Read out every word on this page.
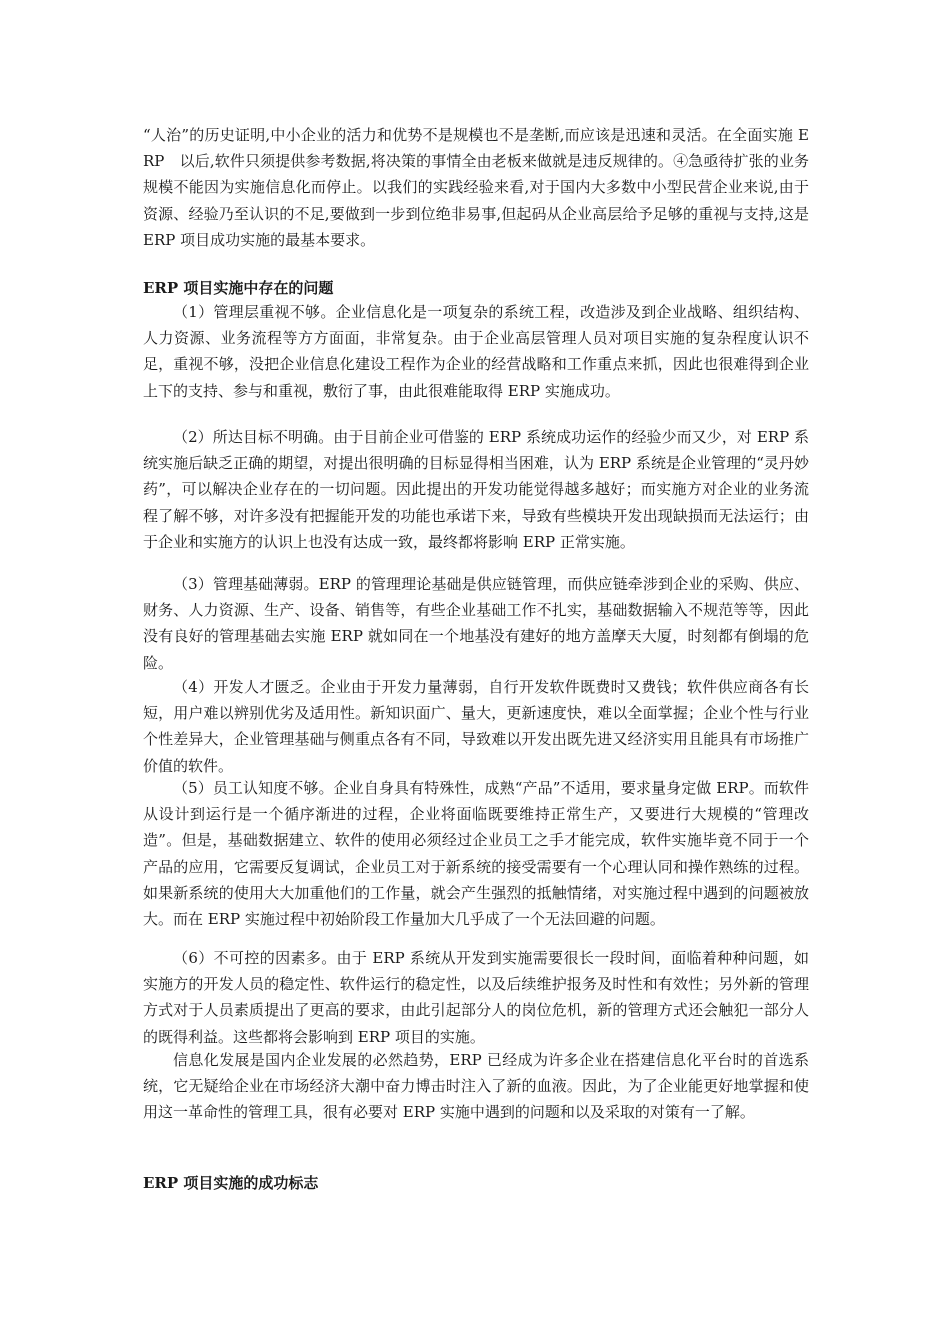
“人治”的历史证明,中小企业的活力和优势不是规模也不是垄断,而应该是迅速和灵活。在全面实施 ERP　以后,软件只须提供参考数据,将决策的事情全由老板来做就是违反规律的。④急亟待扩张的业务规模不能因为实施信息化而停止。以我们的实践经验来看,对于国内大多数中小型民营企业来说,由于资源、经验乃至认识的不足,要做到一步到位绝非易事,但起码从企业高层给予足够的重视与支持,这是 ERP 项目成功实施的最基本要求。

ERP 项目实施中存在的问题

（1）管理层重视不够。企业信息化是一项复杂的系统工程，改造涉及到企业战略、组织结构、人力资源、业务流程等方方面面，非常复杂。由于企业高层管理人员对项目实施的复杂程度认识不足，重视不够，没把企业信息化建设工程作为企业的经营战略和工作重点来抓，因此也很难得到企业上下的支持、参与和重视，敷衍了事，由此很难能取得 ERP 实施成功。

（2）所达目标不明确。由于目前企业可借鉴的 ERP 系统成功运作的经验少而又少，对 ERP 系统实施后缺乏正确的期望，对提出很明确的目标显得相当困难，认为 ERP 系统是企业管理的“灵丹妙药”，可以解决企业存在的一切问题。因此提出的开发功能觉得越多越好；而实施方对企业的业务流程了解不够，对许多没有把握能开发的功能也承诺下来，导致有些模块开发出现缺损而无法运行；由于企业和实施方的认识上也没有达成一致，最终都将影响 ERP 正常实施。

（3）管理基础薄弱。ERP 的管理理论基础是供应链管理，而供应链牵涉到企业的采购、供应、财务、人力资源、生产、设备、销售等，有些企业基础工作不扎实，基础数据输入不规范等等，因此没有良好的管理基础去实施 ERP 就如同在一个地基没有建好的地方盖摩天大厦，时刻都有倒塌的危险。

（4）开发人才匮乏。企业由于开发力量薄弱，自行开发软件既费时又费钱；软件供应商各有长短，用户难以辨别优劣及适用性。新知识面广、量大，更新速度快，难以全面掌握；企业个性与行业个性差异大，企业管理基础与侧重点各有不同，导致难以开发出既先进又经济实用且能具有市场推广价值的软件。

（5）员工认知度不够。企业自身具有特殊性，成熟“产品”不适用，要求量身定做 ERP。而软件从设计到运行是一个循序渐进的过程，企业将面临既要维持正常生产，又要进行大规模的“管理改造”。但是，基础数据建立、软件的使用必须经过企业员工之手才能完成，软件实施毕竟不同于一个产品的应用，它需要反复调试，企业员工对于新系统的接受需要有一个心理认同和操作熟练的过程。如果新系统的使用大大加重他们的工作量，就会产生强烈的抵触情绪，对实施过程中遇到的问题被放大。而在 ERP 实施过程中初始阶段工作量加大几乎成了一个无法回避的问题。

（6）不可控的因素多。由于 ERP 系统从开发到实施需要很长一段时间，面临着种种问题，如实施方的开发人员的稳定性、软件运行的稳定性，以及后续维护报务及时性和有效性；另外新的管理方式对于人员素质提出了更高的要求，由此引起部分人的岗位危机，新的管理方式还会触犯一部分人的既得利益。这些都将会影响到 ERP 项目的实施。

信息化发展是国内企业发展的必然趋势，ERP 已经成为许多企业在搭建信息化平台时的首选系统，它无疑给企业在市场经济大潮中奋力博击时注入了新的血液。因此，为了企业能更好地掌握和使用这一革命性的管理工具，很有必要对 ERP 实施中遇到的问题和以及采取的对策有一了解。

ERP 项目实施的成功标志
